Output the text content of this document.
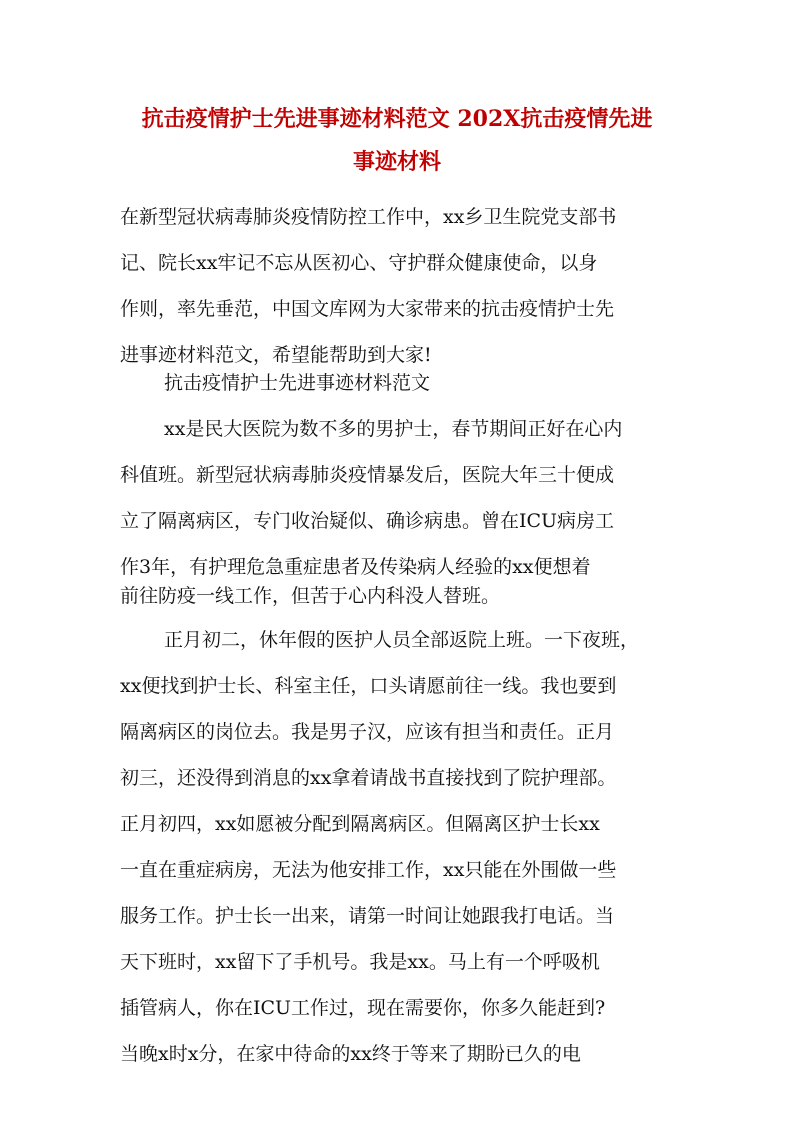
抗击疫情护士先进事迹材料范文 202X抗击疫情先进
事迹材料

在新型冠状病毒肺炎疫情防控工作中，xx乡卫生院党支部书

记、院长xx牢记不忘从医初心、守护群众健康使命，以身

作则，率先垂范，中国文库网为大家带来的抗击疫情护士先

进事迹材料范文，希望能帮助到大家!

抗击疫情护士先进事迹材料范文

xx是民大医院为数不多的男护士，春节期间正好在心内

科值班。新型冠状病毒肺炎疫情暴发后，医院大年三十便成

立了隔离病区，专门收治疑似、确诊病患。曾在ICU病房工

作3年，有护理危急重症患者及传染病人经验的xx便想着

前往防疫一线工作，但苦于心内科没人替班。

正月初二，休年假的医护人员全部返院上班。一下夜班，

xx便找到护士长、科室主任，口头请愿前往一线。我也要到

隔离病区的岗位去。我是男子汉，应该有担当和责任。正月

初三，还没得到消息的xx拿着请战书直接找到了院护理部。

正月初四，xx如愿被分配到隔离病区。但隔离区护士长xx

一直在重症病房，无法为他安排工作，xx只能在外围做一些

服务工作。护士长一出来，请第一时间让她跟我打电话。当

天下班时，xx留下了手机号。我是xx。马上有一个呼吸机

插管病人，你在ICU工作过，现在需要你，你多久能赶到?

当晚x时x分，在家中待命的xx终于等来了期盼已久的电
